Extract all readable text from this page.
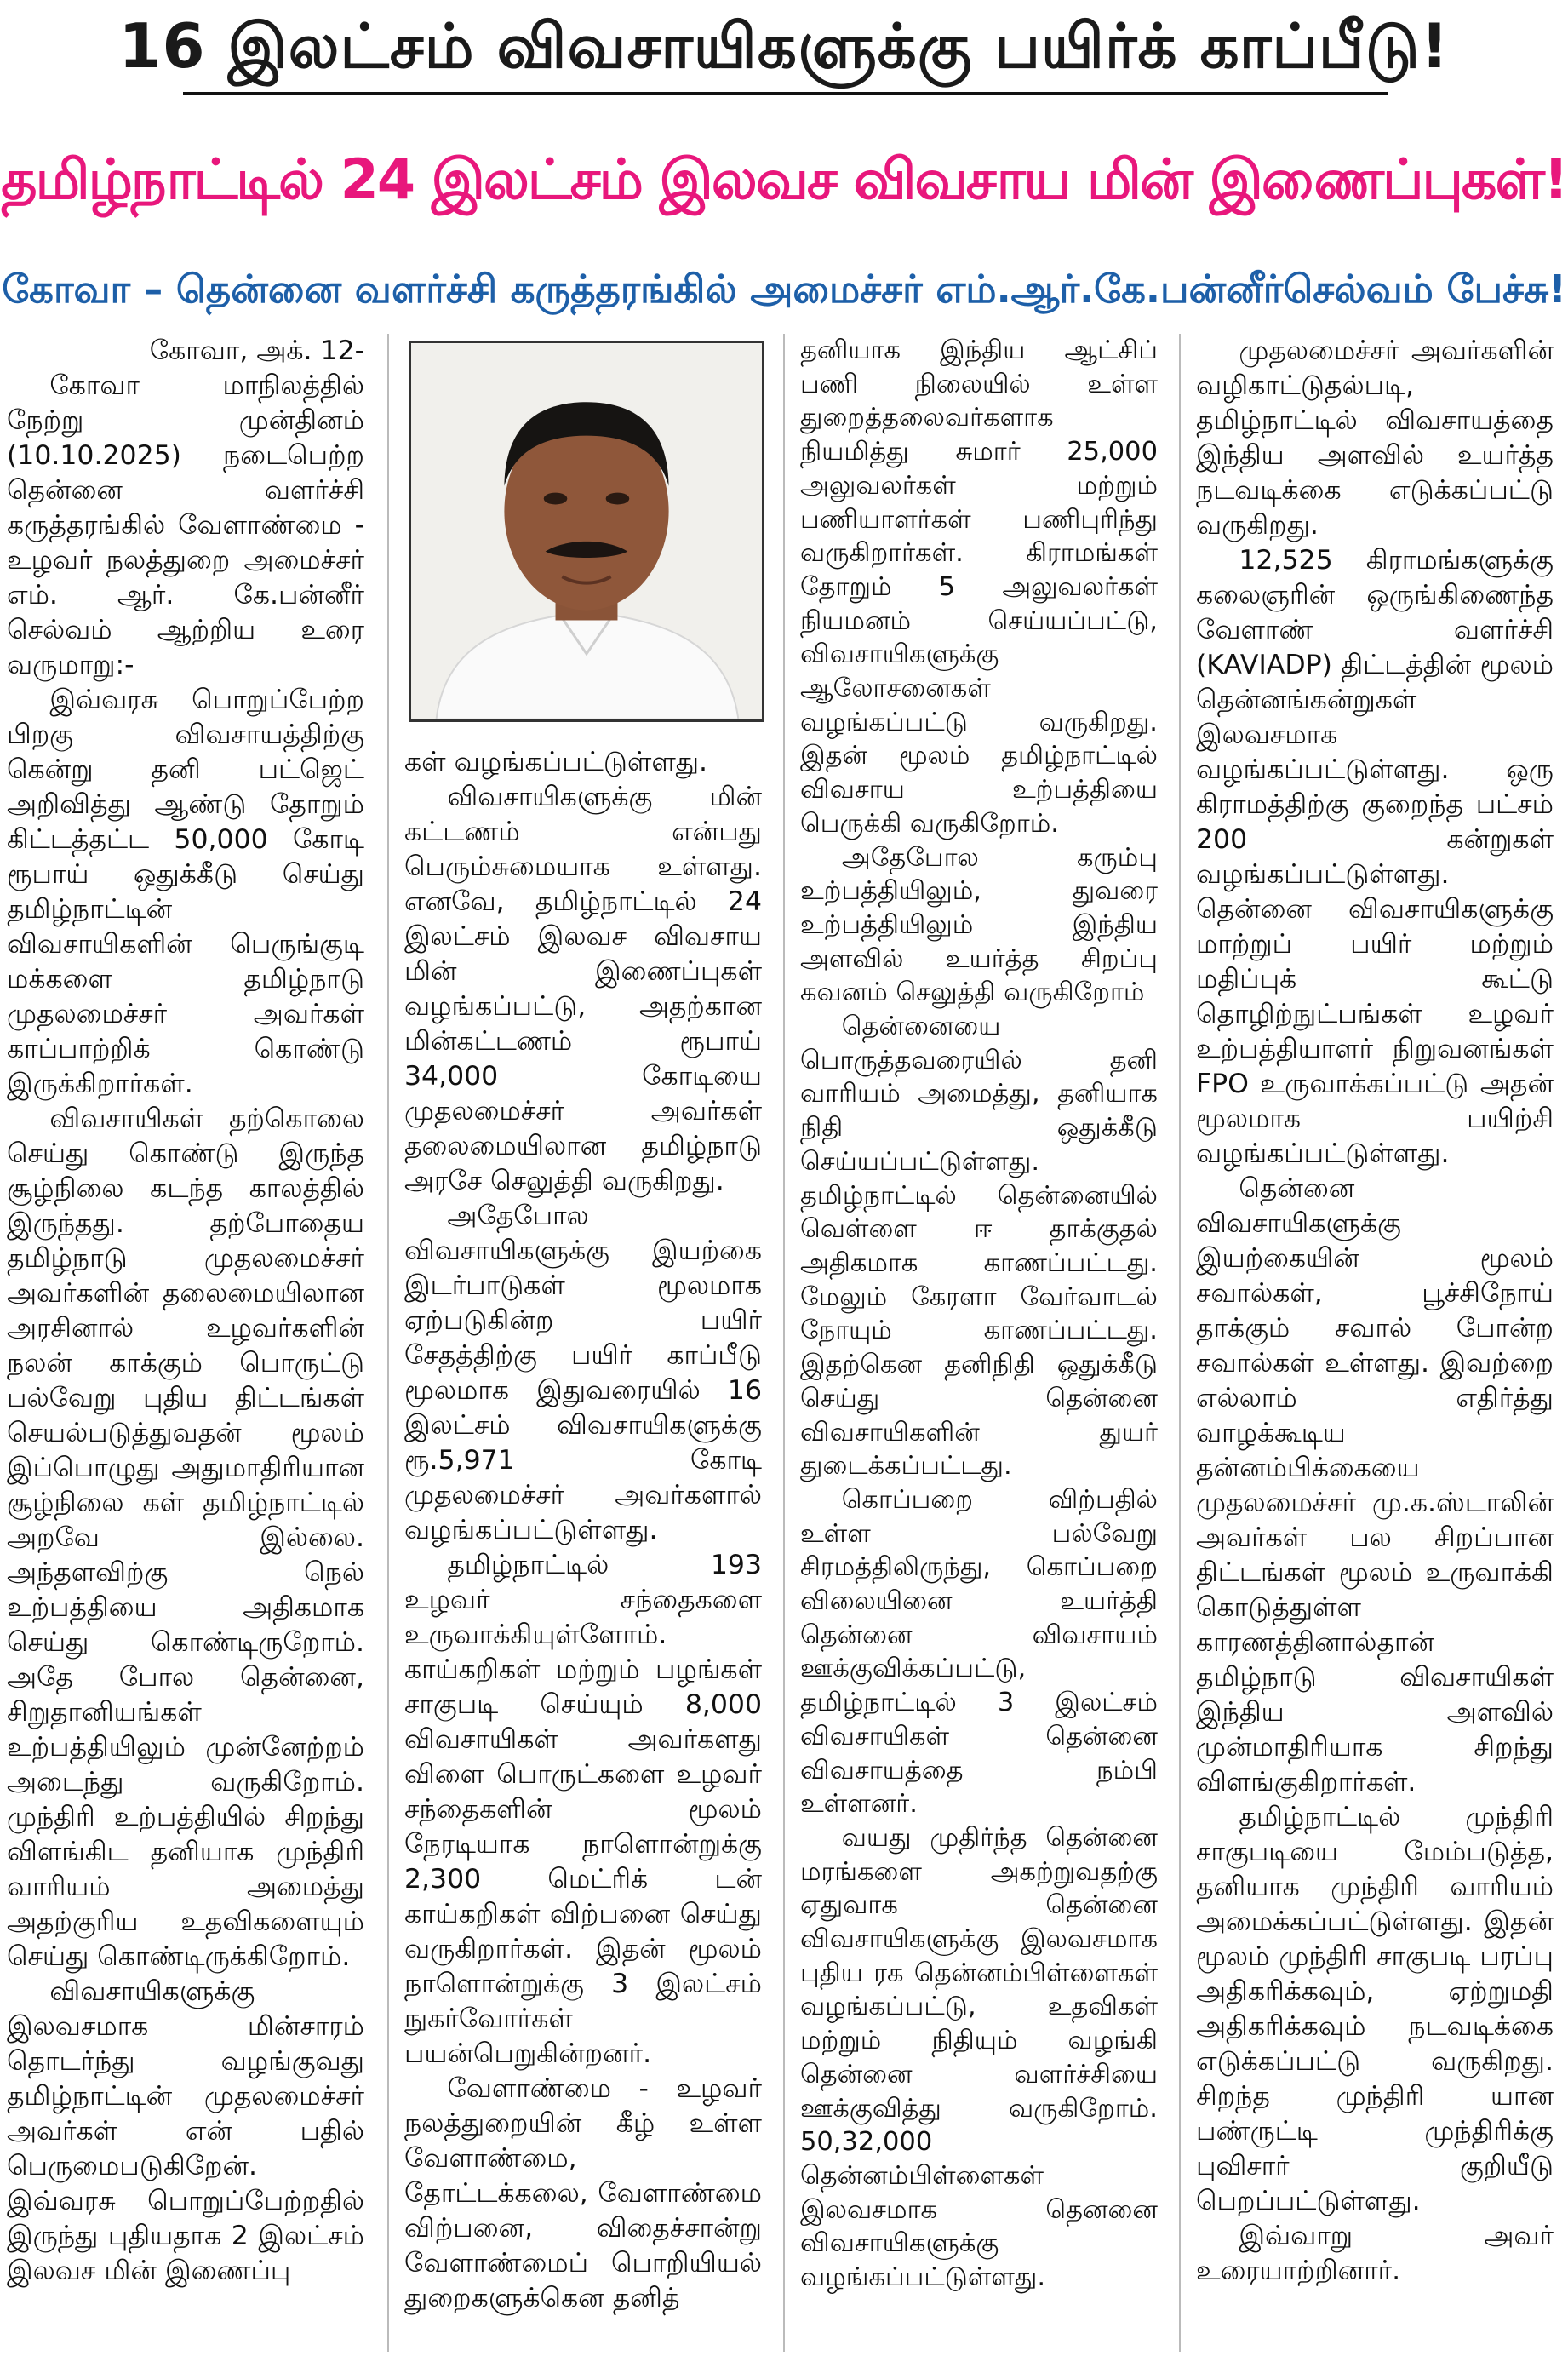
16 இலட்சம் விவசாயிகளுக்கு பயிர்க் காப்பீடு!
தமிழ்நாட்டில் 24 இலட்சம் இலவச விவசாய மின் இணைப்புகள்!
கோவா – தென்னை வளர்ச்சி கருத்தரங்கில் அமைச்சர் எம்.ஆர்.கே.பன்னீர்செல்வம் பேச்சு!

கோவா, அக். 12-

கோவா மாநிலத்தில் நேற்று முன்தினம் (10.10.2025) நடைபெற்ற தென்னை வளர்ச்சி கருத்தரங்கில் வேளாண்மை - உழவர் நலத்துறை அமைச்சர் எம். ஆர். கே.பன்னீர் செல்வம் ஆற்றிய உரை வருமாறு:-

இவ்வரசு பொறுப்பேற்ற பிறகு விவசாயத்திற்கு கென்று தனி பட்ஜெட் அறிவித்து ஆண்டு தோறும் கிட்டத்தட்ட 50,000 கோடி ரூபாய் ஒதுக்கீடு செய்து தமிழ்நாட்டின் விவசாயிகளின் பெருங்குடி மக்களை தமிழ்நாடு முதலமைச்சர் அவர்கள் காப்பாற்றிக் கொண்டு இருக்கிறார்கள்.

விவசாயிகள் தற்கொலை செய்து கொண்டு இருந்த சூழ்நிலை கடந்த காலத்தில் இருந்தது. தற்போதைய தமிழ்நாடு முதலமைச்சர் அவர்களின் தலைமையிலான அரசினால் உழவர்களின் நலன் காக்கும் பொருட்டு பல்வேறு புதிய திட்டங்கள் செயல்படுத்துவதன் மூலம் இப்பொழுது அதுமாதிரியான சூழ்நிலை கள் தமிழ்நாட்டில் அறவே இல்லை. அந்தளவிற்கு நெல் உற்பத்தியை அதிகமாக செய்து கொண்டிருறோம். அதே போல தென்னை, சிறுதானியங்கள் உற்பத்தியிலும் முன்னேற்றம் அடைந்து வருகிறோம். முந்திரி உற்பத்தியில் சிறந்து விளங்கிட தனியாக முந்திரி வாரியம் அமைத்து அதற்குரிய உதவிகளையும் செய்து கொண்டிருக்கிறோம்.

விவசாயிகளுக்கு இலவசமாக மின்சாரம் தொடர்ந்து வழங்குவது தமிழ்நாட்டின் முதலமைச்சர் அவர்கள் என் பதில் பெருமைபடுகிறேன். இவ்வரசு பொறுப்பேற்றதில் இருந்து புதியதாக 2 இலட்சம் இலவச மின் இணைப்பு

கள் வழங்கப்பட்டுள்ளது.

விவசாயிகளுக்கு மின் கட்டணம் என்பது பெரும்சுமையாக உள்ளது. எனவே, தமிழ்நாட்டில் 24 இலட்சம் இலவச விவசாய மின் இணைப்புகள் வழங்கப்பட்டு, அதற்கான மின்கட்டணம் ரூபாய் 34,000 கோடியை முதலமைச்சர் அவர்கள் தலைமையிலான தமிழ்நாடு அரசே செலுத்தி வருகிறது.

அதேபோல விவசாயிகளுக்கு இயற்கை இடர்பாடுகள் மூலமாக ஏற்படுகின்ற பயிர் சேதத்திற்கு பயிர் காப்பீடு மூலமாக இதுவரையில் 16 இலட்சம் விவசாயிகளுக்கு ரூ.5,971 கோடி முதலமைச்சர் அவர்களால் வழங்கப்பட்டுள்ளது.

தமிழ்நாட்டில் 193 உழவர் சந்தைகளை உருவாக்கியுள்ளோம். காய்கறிகள் மற்றும் பழங்கள் சாகுபடி செய்யும் 8,000 விவசாயிகள் அவர்களது விளை பொருட்களை உழவர் சந்தைகளின் மூலம் நேரடியாக நாளொன்றுக்கு 2,300 மெட்ரிக் டன் காய்கறிகள் விற்பனை செய்து வருகிறார்கள். இதன் மூலம் நாளொன்றுக்கு 3 இலட்சம் நுகர்வோர்கள் பயன்பெறுகின்றனர்.

வேளாண்மை - உழவர் நலத்துறையின் கீழ் உள்ள வேளாண்மை, தோட்டக்கலை, வேளாண்மை விற்பனை, விதைச்சான்று வேளாண்மைப் பொறியியல் துறைகளுக்கென தனித்

தனியாக இந்திய ஆட்சிப் பணி நிலையில் உள்ள துறைத்தலைவர்களாக நியமித்து சுமார் 25,000 அலுவலர்கள் மற்றும் பணியாளர்கள் பணிபுரிந்து வருகிறார்கள். கிராமங்கள் தோறும் 5 அலுவலர்கள் நியமனம் செய்யப்பட்டு, விவசாயிகளுக்கு ஆலோசனைகள் வழங்கப்பட்டு வருகிறது. இதன் மூலம் தமிழ்நாட்டில் விவசாய உற்பத்தியை பெருக்கி வருகிறோம்.

அதேபோல கரும்பு உற்பத்தியிலும், துவரை உற்பத்தியிலும் இந்திய அளவில் உயர்த்த சிறப்பு கவனம் செலுத்தி வருகிறோம்

தென்னையை பொருத்தவரையில் தனி வாரியம் அமைத்து, தனியாக நிதி ஒதுக்கீடு செய்யப்பட்டுள்ளது. தமிழ்நாட்டில் தென்னையில் வெள்ளை ஈ தாக்குதல் அதிகமாக காணப்பட்டது. மேலும் கேரளா வேர்வாடல் நோயும் காணப்பட்டது. இதற்கென தனிநிதி ஒதுக்கீடு செய்து தென்னை விவசாயிகளின் துயர் துடைக்கப்பட்டது.

கொப்பறை விற்பதில் உள்ள பல்வேறு சிரமத்திலிருந்து, கொப்பறை விலையினை உயர்த்தி தென்னை விவசாயம் ஊக்குவிக்கப்பட்டு, தமிழ்நாட்டில் 3 இலட்சம் விவசாயிகள் தென்னை விவசாயத்தை நம்பி உள்ளனர்.

வயது முதிர்ந்த தென்னை மரங்களை அகற்றுவதற்கு ஏதுவாக தென்னை விவசாயிகளுக்கு இலவசமாக புதிய ரக தென்னம்பிள்ளைகள் வழங்கப்பட்டு, உதவிகள் மற்றும் நிதியும் வழங்கி தென்னை வளர்ச்சியை ஊக்குவித்து வருகிறோம். 50,32,000 தென்னம்பிள்ளைகள் இலவசமாக தெனனை விவசாயிகளுக்கு வழங்கப்பட்டுள்ளது.

முதலமைச்சர் அவர்களின் வழிகாட்டுதல்படி, தமிழ்நாட்டில் விவசாயத்தை இந்திய அளவில் உயர்த்த நடவடிக்கை எடுக்கப்பட்டு வருகிறது.

12,525 கிராமங்களுக்கு கலைஞரின் ஒருங்கிணைந்த வேளாண் வளர்ச்சி (KAVIADP) திட்டத்தின் மூலம் தென்னங்கன்றுகள் இலவசமாக வழங்கப்பட்டுள்ளது. ஒரு கிராமத்திற்கு குறைந்த பட்சம் 200 கன்றுகள் வழங்கப்பட்டுள்ளது. தென்னை விவசாயிகளுக்கு மாற்றுப் பயிர் மற்றும் மதிப்புக் கூட்டு தொழிற்நுட்பங்கள் உழவர் உற்பத்தியாளர் நிறுவனங்கள் FPO உருவாக்கப்பட்டு அதன் மூலமாக பயிற்சி வழங்கப்பட்டுள்ளது.

தென்னை விவசாயிகளுக்கு இயற்கையின் மூலம் சவால்கள், பூச்சிநோய் தாக்கும் சவால் போன்ற சவால்கள் உள்ளது. இவற்றை எல்லாம் எதிர்த்து வாழக்கூடிய தன்னம்பிக்கையை முதலமைச்சர் மு.க.ஸ்டாலின் அவர்கள் பல சிறப்பான திட்டங்கள் மூலம் உருவாக்கி கொடுத்துள்ள காரணத்தினால்தான் தமிழ்நாடு விவசாயிகள் இந்திய அளவில் முன்மாதிரியாக சிறந்து விளங்குகிறார்கள்.

தமிழ்நாட்டில் முந்திரி சாகுபடியை மேம்படுத்த, தனியாக முந்திரி வாரியம் அமைக்கப்பட்டுள்ளது. இதன் மூலம் முந்திரி சாகுபடி பரப்பு அதிகரிக்கவும், ஏற்றுமதி அதிகரிக்கவும் நடவடிக்கை எடுக்கப்பட்டு வருகிறது. சிறந்த முந்திரி யான பண்ருட்டி முந்திரிக்கு புவிசார் குறியீடு பெறப்பட்டுள்ளது.

இவ்வாறு அவர் உரையாற்றினார்.
